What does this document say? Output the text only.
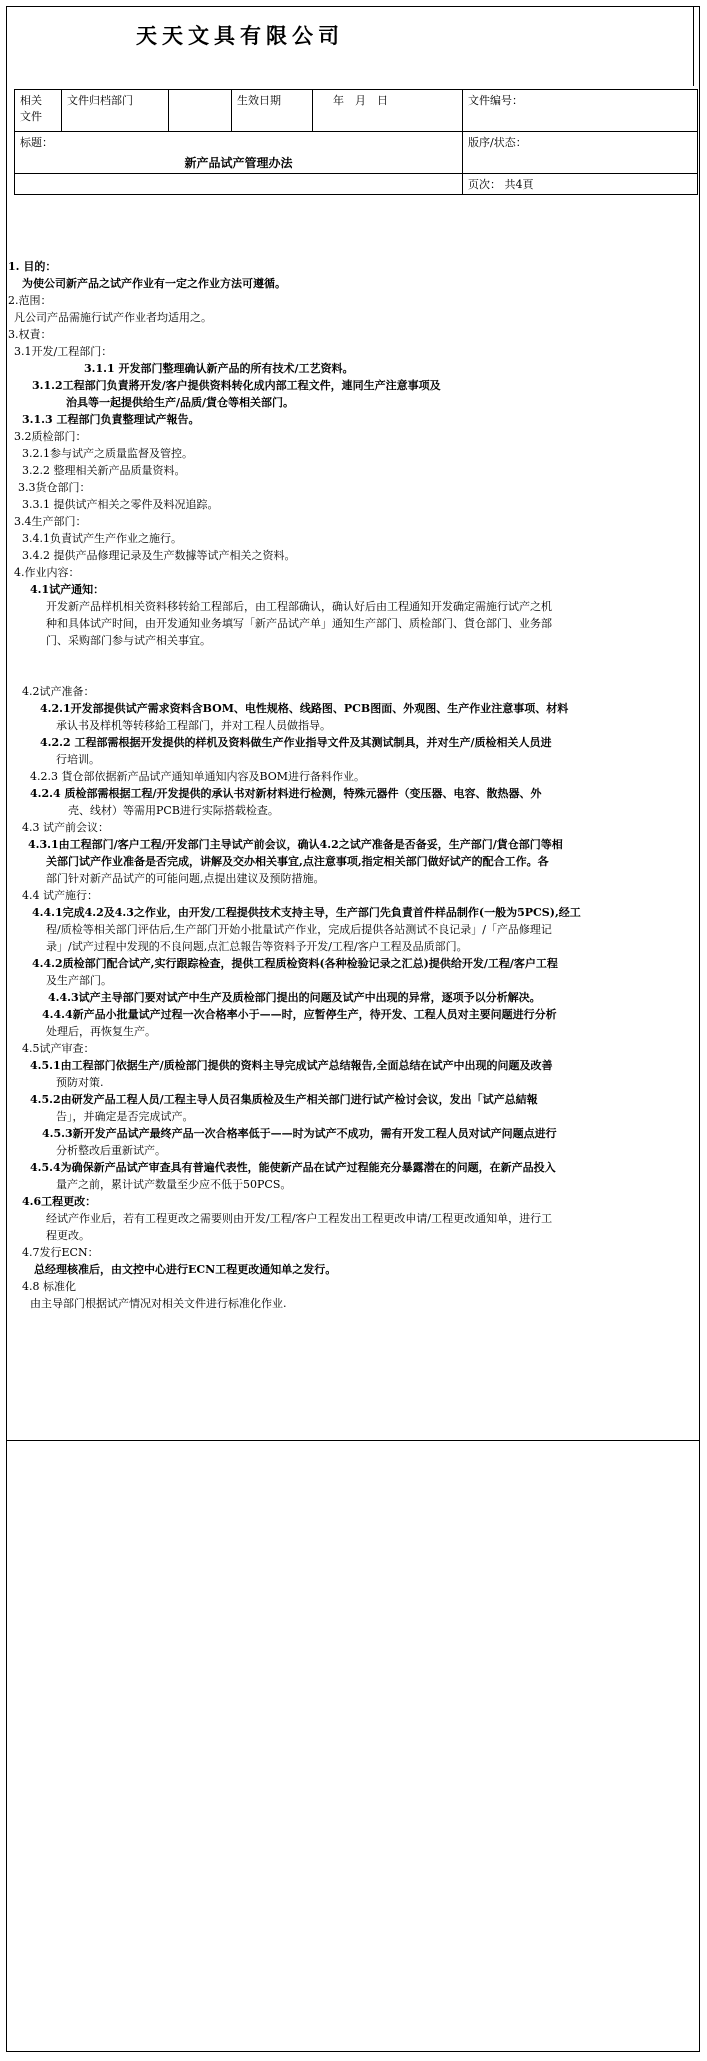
天天文具有限公司
相关
文件	文件归档部门		生效日期	年　月　日	文件编号：
标题：
新产品试产管理办法					版序/状态：
					页次： 共4頁

1. 目的：

为使公司新产品之试产作业有一定之作业方法可遵循。

2.范围：

凡公司产品需施行试产作业者均适用之。

3.权責：

3.1开发/工程部门：

3.1.1 开发部门整理确认新产品的所有技术/工艺资料。

3.1.2工程部门负責將开发/客户提供资料转化成内部工程文件，連同生产注意事项及

治具等一起提供给生产/品质/貨仓等相关部门。

3.1.3 工程部门负責整理试产報告。

3.2质检部门：

3.2.1参与试产之质量监督及管控。

3.2.2 整理相关新产品质量资料。

3.3货仓部门：

3.3.1 提供试产相关之零件及料况追踪。

3.4生产部门：

3.4.1负責试产生产作业之施行。

3.4.2 提供产品修理记录及生产数據等试产相关之资料。

4.作业内容：

4.1试产通知：

开发新产品样机相关资料移转給工程部后，由工程部确认，确认好后由工程通知开发确定需施行试产之机

种和具体试产时间，由开发通知业务填写「新产品试产单」通知生产部门、质检部门、貨仓部门、业务部

门、采购部门参与试产相关事宜。

4.2试产准备：

4.2.1开发部提供试产需求资料含BOM、电性规格、线路图、PCB图面、外观图、生产作业注意事项、材料

承认书及样机等转移給工程部门，并对工程人员做指导。

4.2.2 工程部需根据开发提供的样机及资料做生产作业指导文件及其测试制具，并对生产/质检相关人员进

行培训。

4.2.3 貨仓部依据新产品试产通知单通知内容及BOM进行备料作业。

4.2.4 质检部需根据工程/开发提供的承认书对新材料进行检测，特殊元器件（变压器、电容、散热器、外

壳、线材）等需用PCB进行实际搭载检查。

4.3 试产前会议：

4.3.1由工程部门/客户工程/开发部门主导试产前会议，确认4.2之试产准备是否备妥，生产部门/貨仓部门等相

关部门试产作业准备是否完成，讲解及交办相关事宜,点注意事项,指定相关部门做好试产的配合工作。各

部门针对新产品试产的可能问题,点提出建议及预防措施。

4.4 试产施行：

4.4.1完成4.2及4.3之作业，由开发/工程提供技术支持主导，生产部门先負責首件样品制作(一般为5PCS),经工

程/质检等相关部门评估后,生产部门开始小批量试产作业，完成后提供各站测试不良记录」/「产品修理记

录」/试产过程中发现的不良问题,点汇总報告等资料予开发/工程/客户工程及品质部门。

4.4.2质检部门配合试产,实行跟踪检查，提供工程质检资料(各种检验记录之汇总)提供给开发/工程/客户工程

及生产部门。

4.4.3试产主导部门要对试产中生产及质检部门提出的问题及试产中出现的异常，逐项予以分析解决。

4.4.4新产品小批量试产过程一次合格率小于——时，应暂停生产，待开发、工程人员对主要问题进行分析

处理后，再恢复生产。

4.5试产审查：

4.5.1由工程部门依据生产/质检部门提供的资料主导完成试产总结報告,全面总结在试产中出现的问题及改善

预防对策.

4.5.2由研发产品工程人员/工程主导人员召集质检及生产相关部门进行试产检讨会议，发出「试产总結報

告」，并确定是否完成试产。

4.5.3新开发产品试产最终产品一次合格率低于——时为试产不成功，需有开发工程人员对试产问题点进行

分析整改后重新试产。

4.5.4为确保新产品试产审查具有普遍代表性，能使新产品在试产过程能充分暴露潜在的问题，在新产品投入

量产之前，累计试产数量至少应不低于50PCS。

4.6工程更改：

经试产作业后，若有工程更改之需要则由开发/工程/客户工程发出工程更改申请/工程更改通知单，进行工

程更改。

4.7发行ECN：

总经理核准后，由文控中心进行ECN工程更改通知单之发行。

4.8 标准化

由主导部门根据试产情况对相关文件进行标准化作业.
